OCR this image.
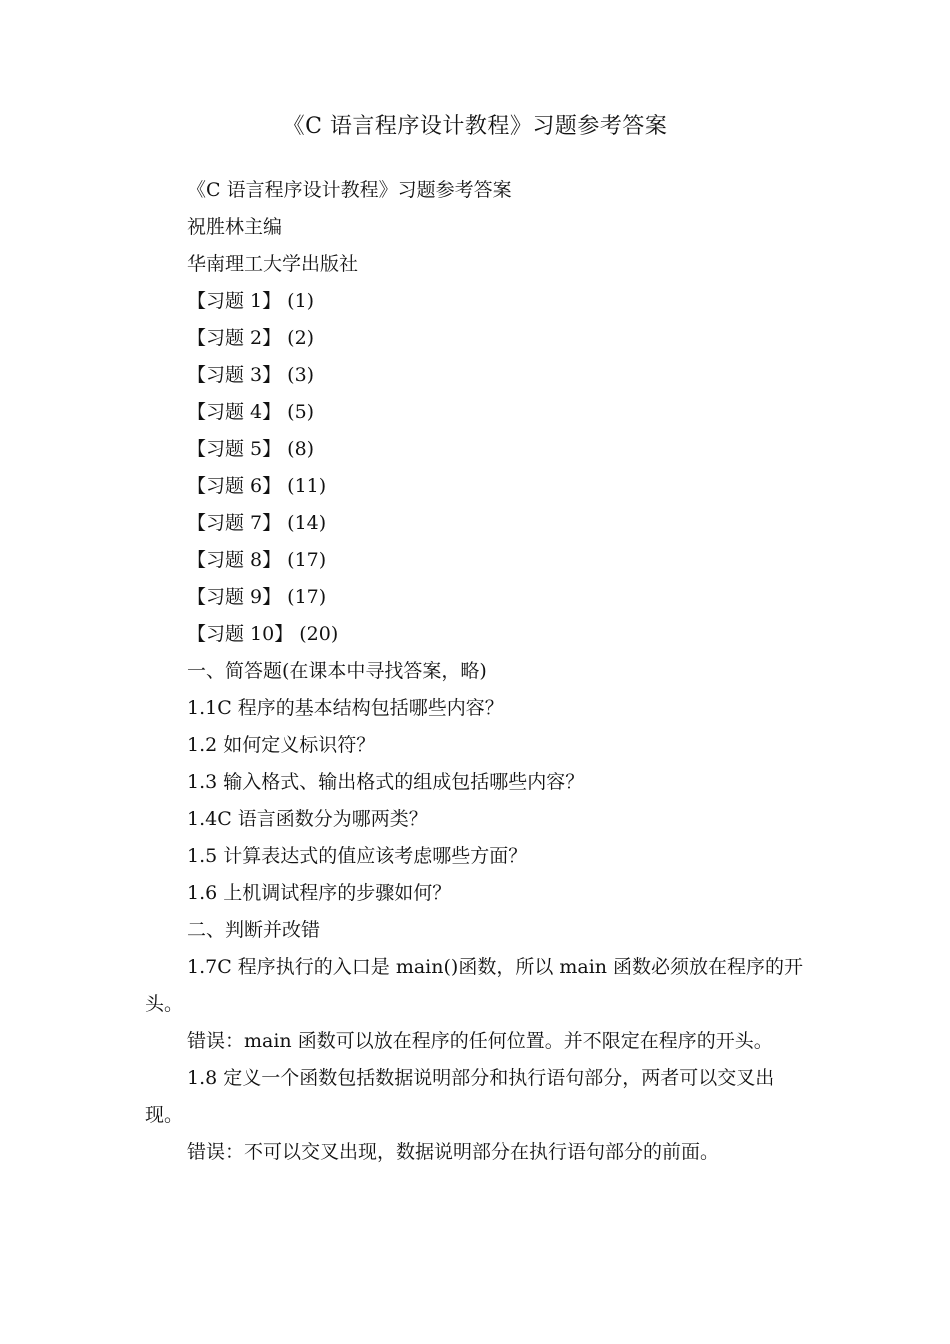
《C 语言程序设计教程》习题参考答案
《C 语言程序设计教程》习题参考答案
祝胜林主编
华南理工大学出版社
【习题 1】 (1)
【习题 2】 (2)
【习题 3】 (3)
【习题 4】 (5)
【习题 5】 (8)
【习题 6】 (11)
【习题 7】 (14)
【习题 8】 (17)
【习题 9】 (17)
【习题 10】 (20)
一、简答题(在课本中寻找答案，略)
1.1C 程序的基本结构包括哪些内容？
1.2 如何定义标识符？
1.3 输入格式、输出格式的组成包括哪些内容？
1.4C 语言函数分为哪两类？
1.5 计算表达式的值应该考虑哪些方面？
1.6 上机调试程序的步骤如何？
二、判断并改错
1.7C 程序执行的入口是 main()函数，所以 main 函数必须放在程序的开头。
错误：main 函数可以放在程序的任何位置。并不限定在程序的开头。
1.8 定义一个函数包括数据说明部分和执行语句部分，两者可以交叉出现。
错误：不可以交叉出现，数据说明部分在执行语句部分的前面。
